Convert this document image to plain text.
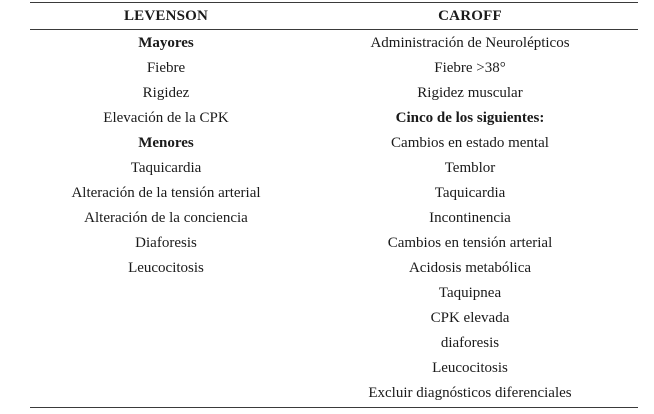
LEVENSON	CAROFF
Mayores
Fiebre
Rigidez
Elevación de la CPK
Menores
Taquicardia
Alteración de la tensión arterial
Alteración de la conciencia
Diaforesis
Leucocitosis
Administración de Neurolépticos
Fiebre >38°
Rigidez muscular
Cinco de los siguientes:
Cambios en estado mental
Temblor
Taquicardia
Incontinencia
Cambios en tensión arterial
Acidosis metabólica
Taquipnea
CPK elevada
diaforesis
Leucocitosis
Excluir diagnósticos diferenciales
